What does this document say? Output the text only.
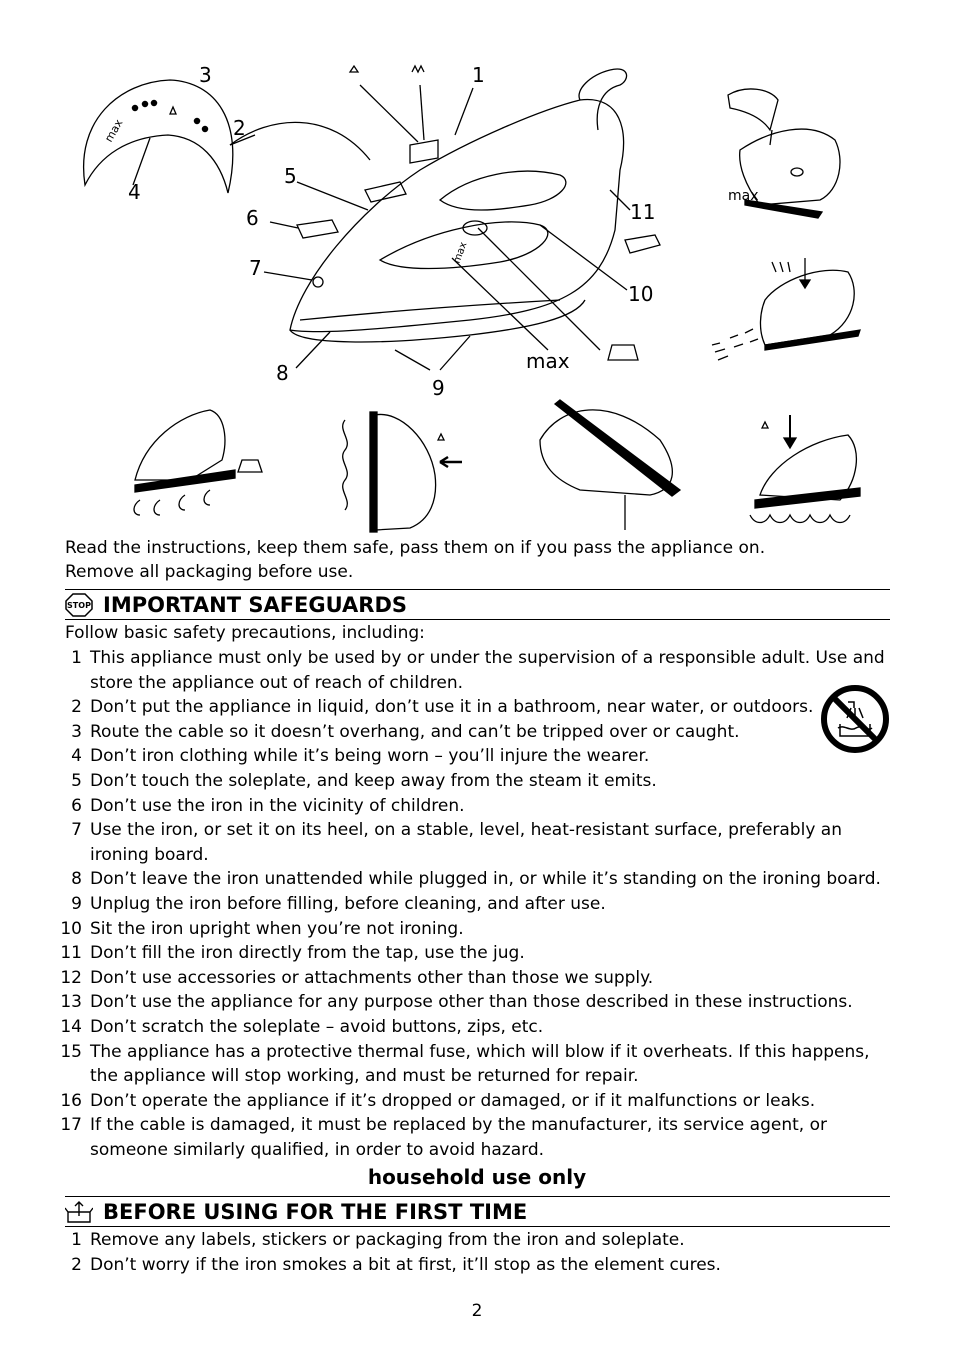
max
max
1
2
3
4
5
6
7
8
9
10
11
max
max
Read the instructions, keep them safe, pass them on if you pass the appliance on.
Remove all packaging before use.
STOP IMPORTANT SAFEGUARDS
Follow basic safety precautions, including:
1 This appliance must only be used by or under the supervision of a responsible adult. Use and
store the appliance out of reach of children.
2 Don’t put the appliance in liquid, don’t use it in a bathroom, near water, or outdoors.
3 Route the cable so it doesn’t overhang, and can’t be tripped over or caught.
4 Don’t iron clothing while it’s being worn – you’ll injure the wearer.
5 Don’t touch the soleplate, and keep away from the steam it emits.
6 Don’t use the iron in the vicinity of children.
7 Use the iron, or set it on its heel, on a stable, level, heat-resistant surface, preferably an
ironing board.
8 Don’t leave the iron unattended while plugged in, or while it’s standing on the ironing board.
9 Unplug the iron before filling, before cleaning, and after use.
10 Sit the iron upright when you’re not ironing.
11 Don’t fill the iron directly from the tap, use the jug.
12 Don’t use accessories or attachments other than those we supply.
13 Don’t use the appliance for any purpose other than those described in these instructions.
14 Don’t scratch the soleplate – avoid buttons, zips, etc.
15 The appliance has a protective thermal fuse, which will blow if it overheats. If this happens,
the appliance will stop working, and must be returned for repair.
16 Don’t operate the appliance if it’s dropped or damaged, or if it malfunctions or leaks.
17 If the cable is damaged, it must be replaced by the manufacturer, its service agent, or
someone similarly qualified, in order to avoid hazard.
household use only
BEFORE USING FOR THE FIRST TIME
1 Remove any labels, stickers or packaging from the iron and soleplate.
2 Don’t worry if the iron smokes a bit at first, it’ll stop as the element cures.
2
